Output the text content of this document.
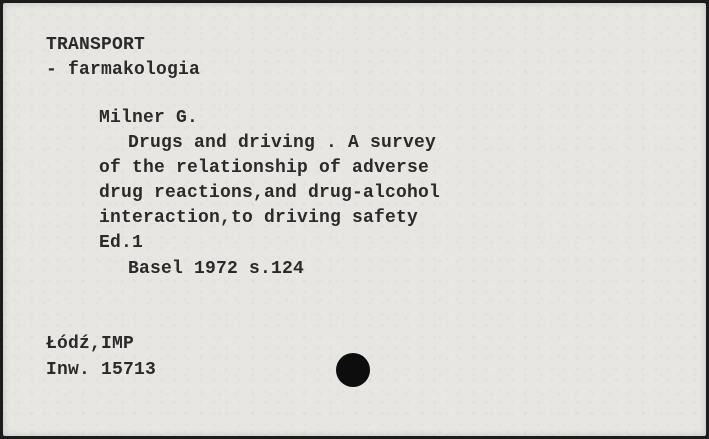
TRANSPORT
- farmakologia
Milner G.
Drugs and driving . A survey
of the relationship of adverse
drug reactions,and drug-alcohol
interaction,to driving safety
Ed.1
Basel 1972 s.124
Łódź,IMP
Inw. 15713
